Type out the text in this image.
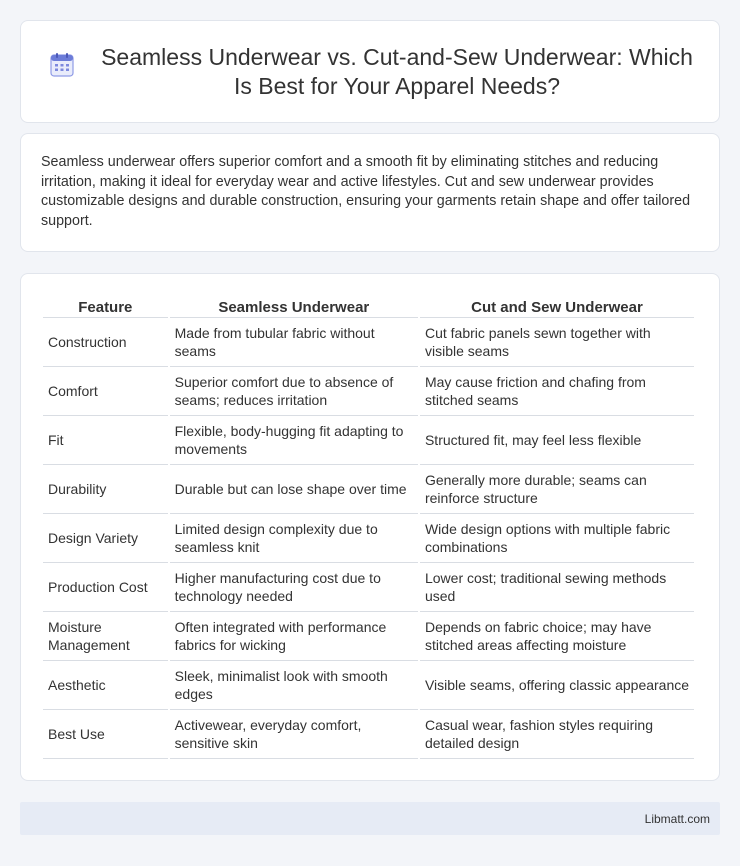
Seamless Underwear vs. Cut-and-Sew Underwear: Which Is Best for Your Apparel Needs?

Seamless underwear offers superior comfort and a smooth fit by eliminating stitches and reducing irritation, making it ideal for everyday wear and active lifestyles. Cut and sew underwear provides customizable designs and durable construction, ensuring your garments retain shape and offer tailored support.

Feature	Seamless Underwear	Cut and Sew Underwear
Construction	Made from tubular fabric without seams	Cut fabric panels sewn together with visible seams
Comfort	Superior comfort due to absence of seams; reduces irritation	May cause friction and chafing from stitched seams
Fit	Flexible, body-hugging fit adapting to movements	Structured fit, may feel less flexible
Durability	Durable but can lose shape over time	Generally more durable; seams can reinforce structure
Design Variety	Limited design complexity due to seamless knit	Wide design options with multiple fabric combinations
Production Cost	Higher manufacturing cost due to technology needed	Lower cost; traditional sewing methods used
Moisture Management	Often integrated with performance fabrics for wicking	Depends on fabric choice; may have stitched areas affecting moisture
Aesthetic	Sleek, minimalist look with smooth edges	Visible seams, offering classic appearance
Best Use	Activewear, everyday comfort, sensitive skin	Casual wear, fashion styles requiring detailed design
Libmatt.com
